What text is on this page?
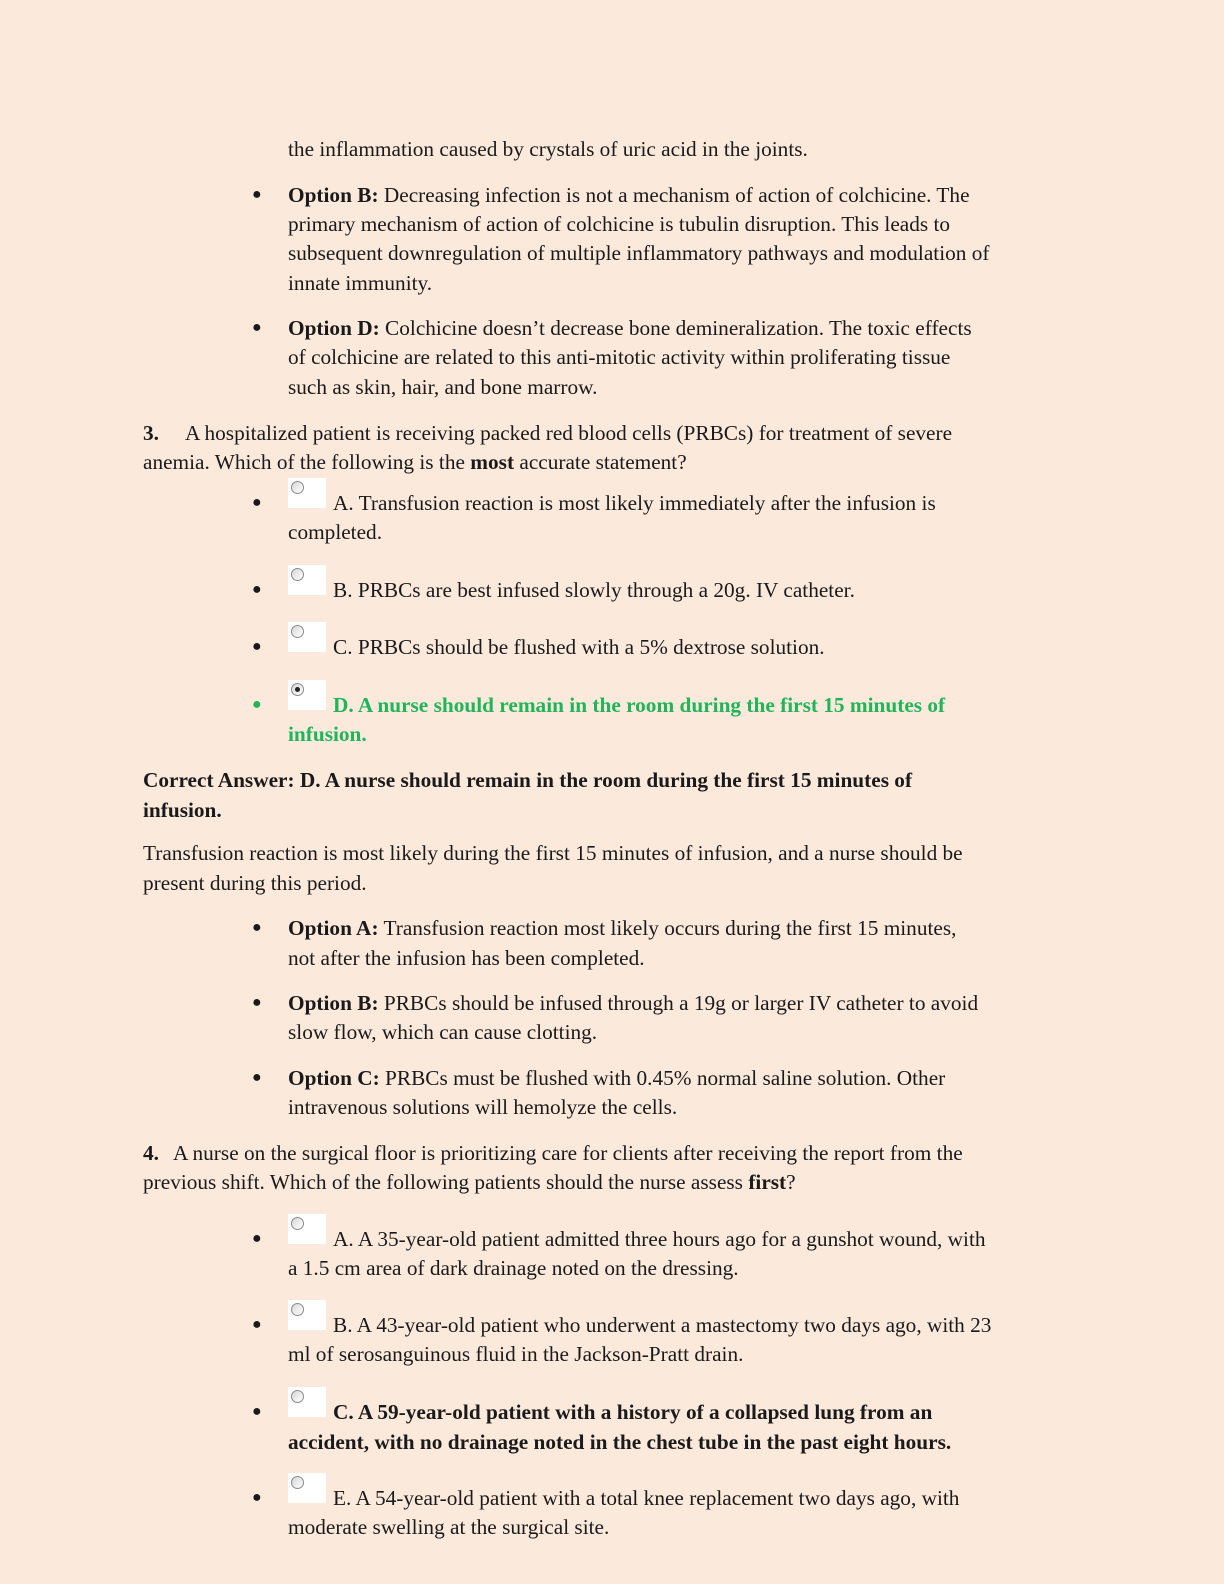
the inflammation caused by crystals of uric acid in the joints.
● Option B: Decreasing infection is not a mechanism of action of colchicine. The
primary mechanism of action of colchicine is tubulin disruption. This leads to
subsequent downregulation of multiple inflammatory pathways and modulation of
innate immunity.
● Option D: Colchicine doesn’t decrease bone demineralization. The toxic effects
of colchicine are related to this anti-mitotic activity within proliferating tissue
such as skin, hair, and bone marrow.
3. A hospitalized patient is receiving packed red blood cells (PRBCs) for treatment of severe
anemia. Which of the following is the most accurate statement?
●	A. Transfusion reaction is most likely immediately after the infusion is
completed.
●	B. PRBCs are best infused slowly through a 20g. IV catheter.
●	C. PRBCs should be flushed with a 5% dextrose solution.
●	D. A nurse should remain in the room during the first 15 minutes of
infusion.
Correct Answer: D. A nurse should remain in the room during the first 15 minutes of
infusion.
Transfusion reaction is most likely during the first 15 minutes of infusion, and a nurse should be
present during this period.
● Option A: Transfusion reaction most likely occurs during the first 15 minutes,
not after the infusion has been completed.
● Option B: PRBCs should be infused through a 19g or larger IV catheter to avoid
slow flow, which can cause clotting.
● Option C: PRBCs must be flushed with 0.45% normal saline solution. Other
intravenous solutions will hemolyze the cells.
4. A nurse on the surgical floor is prioritizing care for clients after receiving the report from the
previous shift. Which of the following patients should the nurse assess first?
●	A. A 35-year-old patient admitted three hours ago for a gunshot wound, with
a 1.5 cm area of dark drainage noted on the dressing.
●	B. A 43-year-old patient who underwent a mastectomy two days ago, with 23
ml of serosanguinous fluid in the Jackson-Pratt drain.
●	C. A 59-year-old patient with a history of a collapsed lung from an
accident, with no drainage noted in the chest tube in the past eight hours.
●	E. A 54-year-old patient with a total knee replacement two days ago, with
moderate swelling at the surgical site.
